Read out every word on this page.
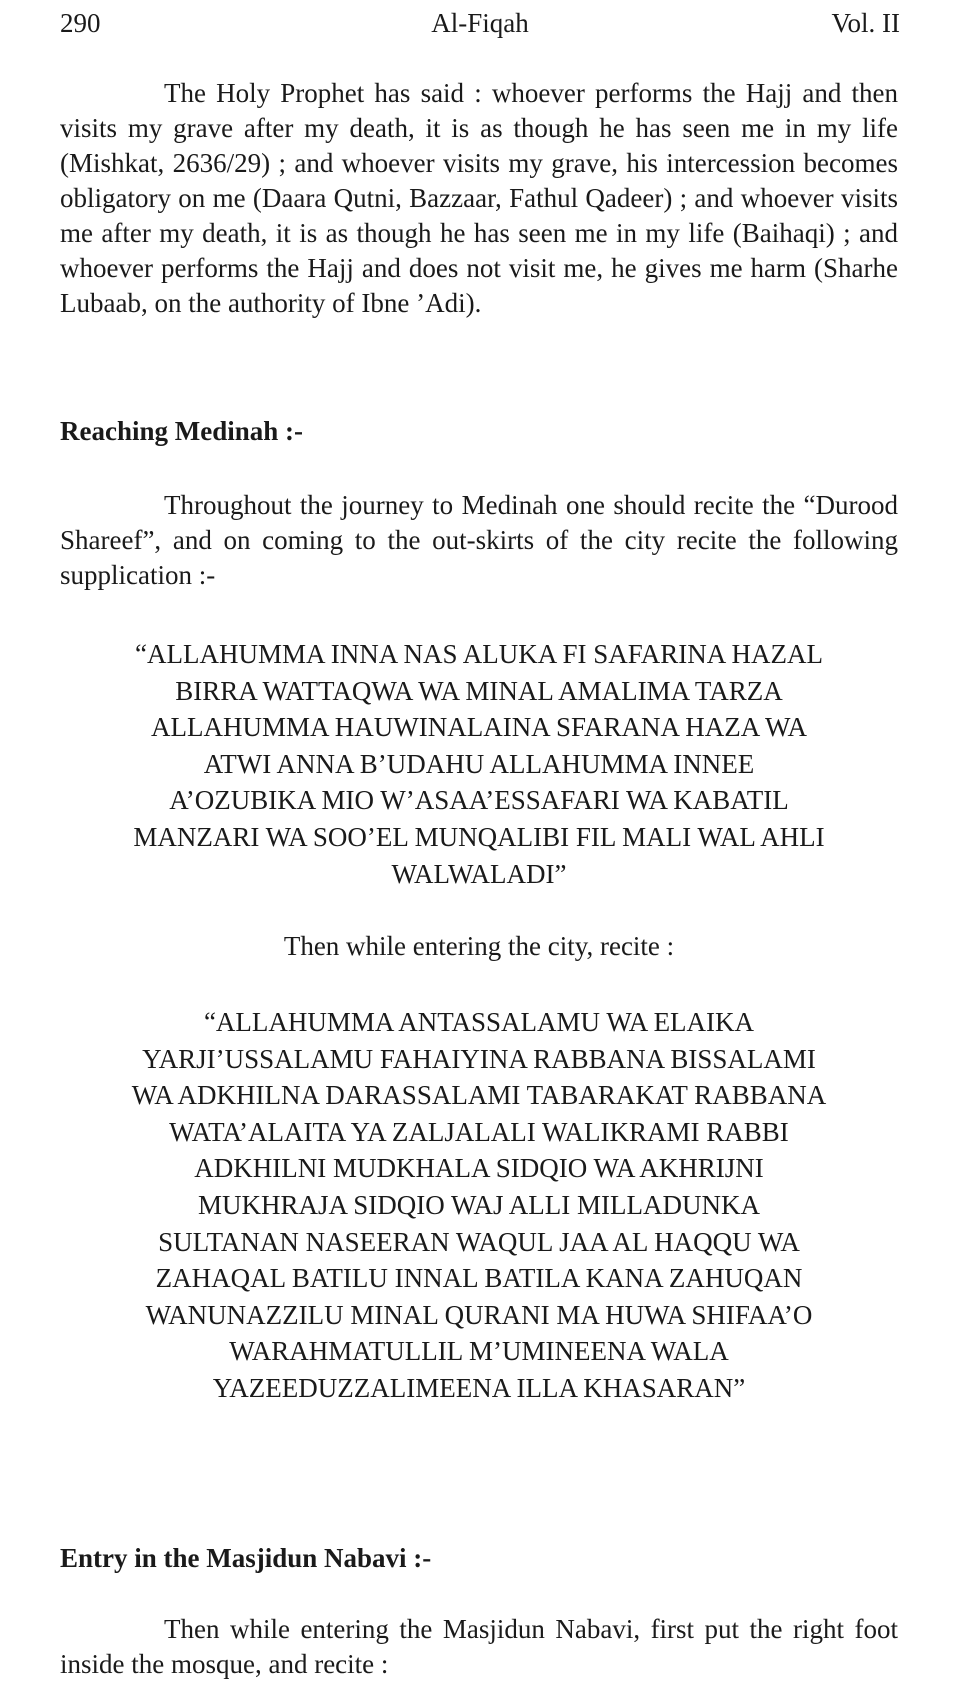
290	Al-Fiqah	Vol. II

The Holy Prophet has said : whoever performs the Hajj and then visits my grave after my death, it is as though he has seen me in my life (Mishkat, 2636/29) ; and whoever visits my grave, his intercession becomes obligatory on me (Daara Qutni, Bazzaar, Fathul Qadeer) ; and whoever visits me after my death, it is as though he has seen me in my life (Baihaqi) ; and whoever performs the Hajj and does not visit me, he gives me harm (Sharhe Lubaab, on the authority of Ibne ’Adi).

Reaching Medinah :-

Throughout the journey to Medinah one should recite the “Durood Shareef”, and on coming to the out-skirts of the city recite the following supplication :-

“ALLAHUMMA INNA NAS ALUKA FI SAFARINA HAZAL
BIRRA WATTAQWA WA MINAL AMALIMA TARZA
ALLAHUMMA HAUWINALAINA SFARANA HAZA WA
ATWI ANNA B’UDAHU ALLAHUMMA INNEE
A’OZUBIKA MIO W’ASAA’ESSAFARI WA KABATIL
MANZARI WA SOO’EL MUNQALIBI FIL MALI WAL AHLI
WALWALADI”

Then while entering the city, recite :

“ALLAHUMMA ANTASSALAMU WA ELAIKA
YARJI’USSALAMU FAHAIYINA RABBANA BISSALAMI
WA ADKHILNA DARASSALAMI TABARAKAT RABBANA
WATA’ALAITA YA ZALJALALI WALIKRAMI RABBI
ADKHILNI MUDKHALA SIDQIO WA AKHRIJNI
MUKHRAJA SIDQIO WAJ ALLI MILLADUNKA
SULTANAN NASEERAN WAQUL JAA AL HAQQU WA
ZAHAQAL BATILU INNAL BATILA KANA ZAHUQAN
WANUNAZZILU MINAL QURANI MA HUWA SHIFAA’O
WARAHMATULLIL M’UMINEENA WALA
YAZEEDUZZALIMEENA ILLA KHASARAN”

Entry in the Masjidun Nabavi :-

Then while entering the Masjidun Nabavi, first put the right foot inside the mosque, and recite :
